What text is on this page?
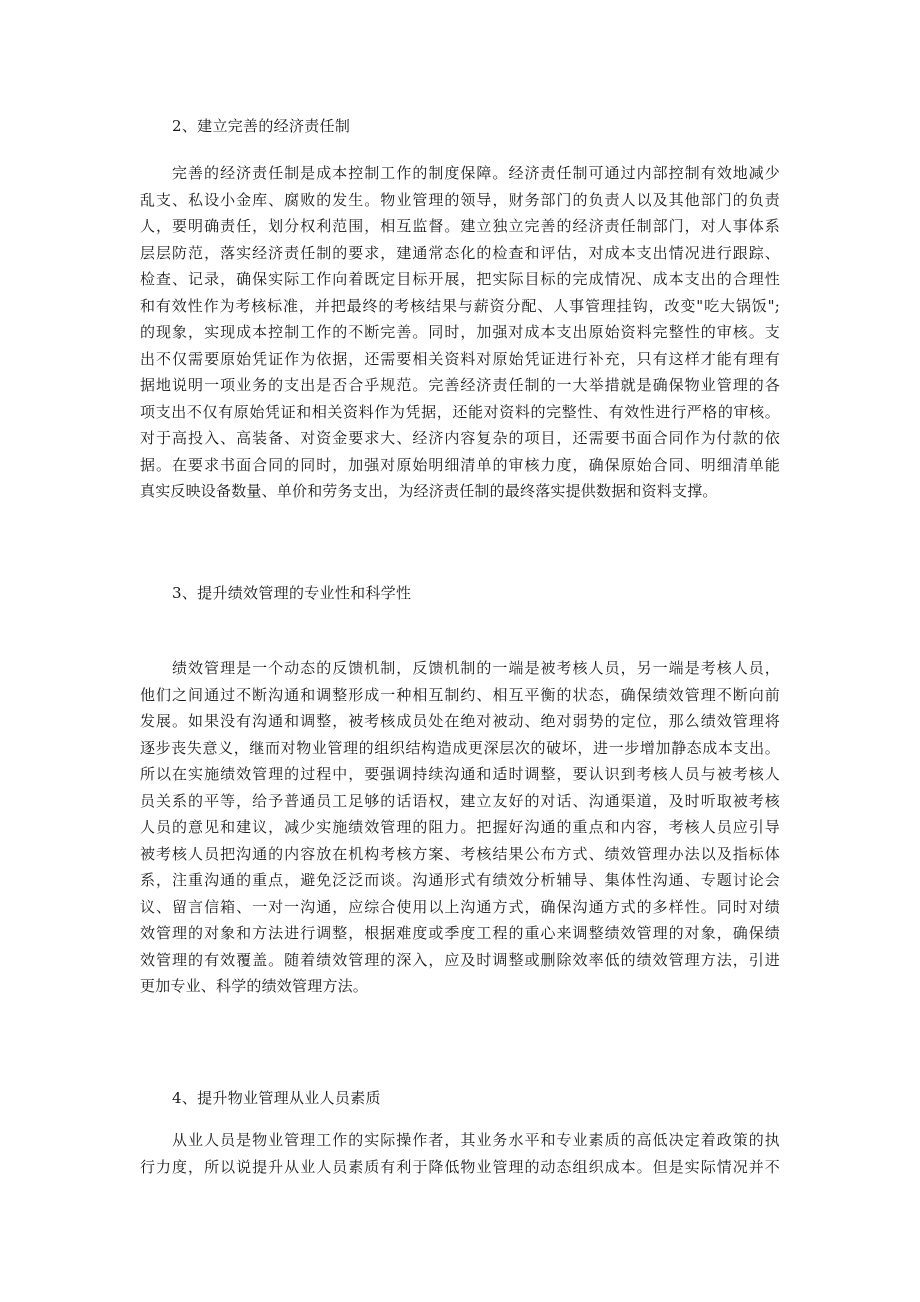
2、建立完善的经济责任制
完善的经济责任制是成本控制工作的制度保障。经济责任制可通过内部控制有效地减少
乱支、私设小金库、腐败的发生。物业管理的领导，财务部门的负责人以及其他部门的负责
人，要明确责任，划分权利范围，相互监督。建立独立完善的经济责任制部门，对人事体系
层层防范，落实经济责任制的要求，建通常态化的检查和评估，对成本支出情况进行跟踪、
检查、记录，确保实际工作向着既定目标开展，把实际目标的完成情况、成本支出的合理性
和有效性作为考核标准，并把最终的考核结果与薪资分配、人事管理挂钩，改变"吃大锅饭";
的现象，实现成本控制工作的不断完善。同时，加强对成本支出原始资料完整性的审核。支
出不仅需要原始凭证作为依据，还需要相关资料对原始凭证进行补充，只有这样才能有理有
据地说明一项业务的支出是否合乎规范。完善经济责任制的一大举措就是确保物业管理的各
项支出不仅有原始凭证和相关资料作为凭据，还能对资料的完整性、有效性进行严格的审核。
对于高投入、高装备、对资金要求大、经济内容复杂的项目，还需要书面合同作为付款的依
据。在要求书面合同的同时，加强对原始明细清单的审核力度，确保原始合同、明细清单能
真实反映设备数量、单价和劳务支出，为经济责任制的最终落实提供数据和资料支撑。
3、提升绩效管理的专业性和科学性
绩效管理是一个动态的反馈机制，反馈机制的一端是被考核人员，另一端是考核人员，
他们之间通过不断沟通和调整形成一种相互制约、相互平衡的状态，确保绩效管理不断向前
发展。如果没有沟通和调整，被考核成员处在绝对被动、绝对弱势的定位，那么绩效管理将
逐步丧失意义，继而对物业管理的组织结构造成更深层次的破坏，进一步增加静态成本支出。
所以在实施绩效管理的过程中，要强调持续沟通和适时调整，要认识到考核人员与被考核人
员关系的平等，给予普通员工足够的话语权，建立友好的对话、沟通渠道，及时听取被考核
人员的意见和建议，减少实施绩效管理的阻力。把握好沟通的重点和内容，考核人员应引导
被考核人员把沟通的内容放在机构考核方案、考核结果公布方式、绩效管理办法以及指标体
系，注重沟通的重点，避免泛泛而谈。沟通形式有绩效分析辅导、集体性沟通、专题讨论会
议、留言信箱、一对一沟通，应综合使用以上沟通方式，确保沟通方式的多样性。同时对绩
效管理的对象和方法进行调整，根据难度或季度工程的重心来调整绩效管理的对象，确保绩
效管理的有效覆盖。随着绩效管理的深入，应及时调整或删除效率低的绩效管理方法，引进
更加专业、科学的绩效管理方法。
4、提升物业管理从业人员素质
从业人员是物业管理工作的实际操作者，其业务水平和专业素质的高低决定着政策的执
行力度，所以说提升从业人员素质有利于降低物业管理的动态组织成本。但是实际情况并不
